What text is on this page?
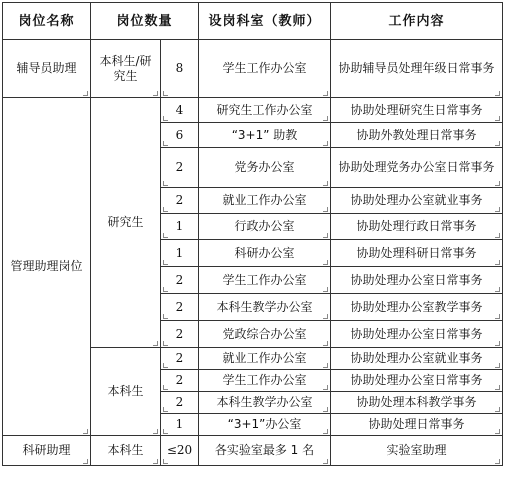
岗位名称	岗位数量		设岗科室（教师）	工作内容
辅导员助理	本科生/研究生	8	学生工作办公室	协助辅导员处理年级日常事务

管理助理岗位	研究生	4	研究生工作办公室	协助处理研究生日常事务

		6	“3+1” 助教	协助外教处理日常事务

		2	党务办公室	协助处理党务办公室日常事务

		2	就业工作办公室	协助处理办公室就业事务

		1	行政办公室	协助处理行政日常事务

		1	科研办公室	协助处理科研日常事务

		2	学生工作办公室	协助处理办公室日常事务

		2	本科生教学办公室	协助处理办公室教学事务

		2	党政综合办公室	协助处理办公室日常事务

	本科生	2	就业工作办公室	协助处理办公室就业事务

		2	学生工作办公室	协助处理办公室日常事务

		2	本科生教学办公室	协助处理本科教学事务

		1	“3+1”办公室	协助处理日常事务

科研助理	本科生	≤20	各实验室最多 1 名	实验室助理
